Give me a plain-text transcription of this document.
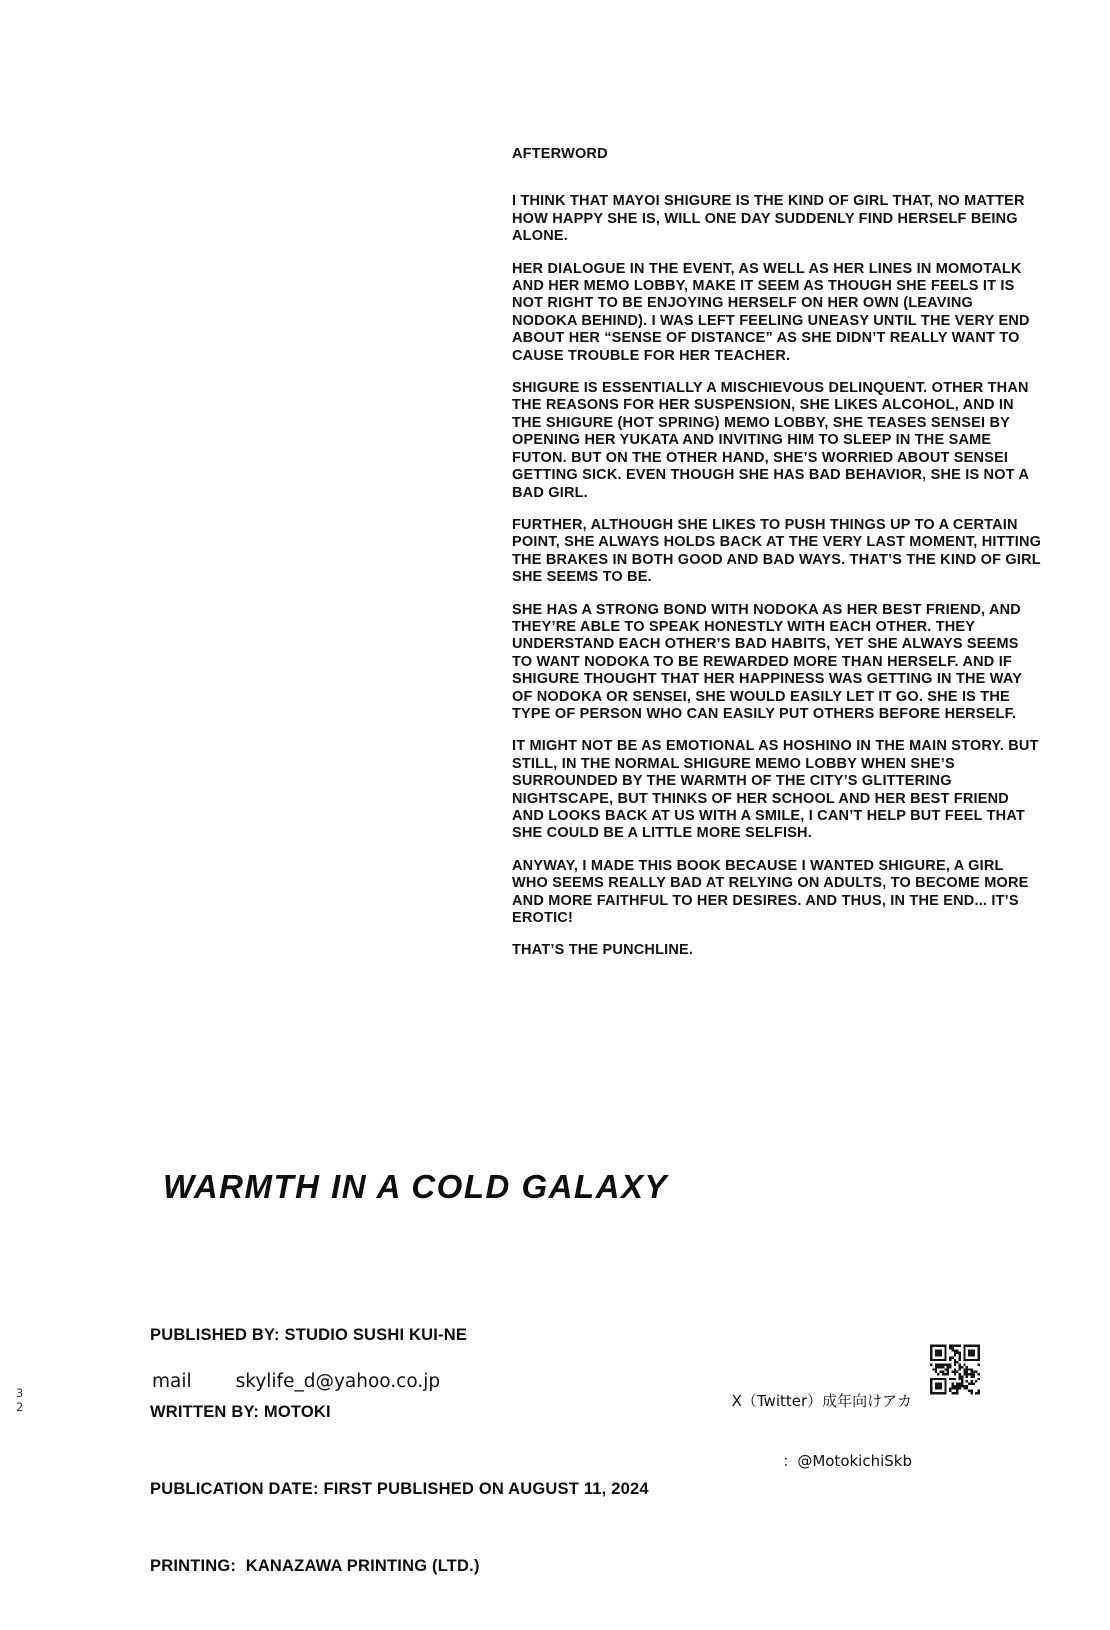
AFTERWORD

I THINK THAT MAYOI SHIGURE IS THE KIND OF GIRL THAT, NO MATTER HOW HAPPY SHE IS, WILL ONE DAY SUDDENLY FIND HERSELF BEING ALONE.

HER DIALOGUE IN THE EVENT, AS WELL AS HER LINES IN MOMOTALK AND HER MEMO LOBBY, MAKE IT SEEM AS THOUGH SHE FEELS IT IS NOT RIGHT TO BE ENJOYING HERSELF ON HER OWN (LEAVING NODOKA BEHIND). I WAS LEFT FEELING UNEASY UNTIL THE VERY END ABOUT HER “SENSE OF DISTANCE” AS SHE DIDN’T REALLY WANT TO CAUSE TROUBLE FOR HER TEACHER.

SHIGURE IS ESSENTIALLY A MISCHIEVOUS DELINQUENT. OTHER THAN THE REASONS FOR HER SUSPENSION, SHE LIKES ALCOHOL, AND IN THE SHIGURE (HOT SPRING) MEMO LOBBY, SHE TEASES SENSEI BY OPENING HER YUKATA AND INVITING HIM TO SLEEP IN THE SAME FUTON. BUT ON THE OTHER HAND, SHE’S WORRIED ABOUT SENSEI GETTING SICK. EVEN THOUGH SHE HAS BAD BEHAVIOR, SHE IS NOT A BAD GIRL.

FURTHER, ALTHOUGH SHE LIKES TO PUSH THINGS UP TO A CERTAIN POINT, SHE ALWAYS HOLDS BACK AT THE VERY LAST MOMENT, HITTING THE BRAKES IN BOTH GOOD AND BAD WAYS. THAT’S THE KIND OF GIRL SHE SEEMS TO BE.

SHE HAS A STRONG BOND WITH NODOKA AS HER BEST FRIEND, AND THEY’RE ABLE TO SPEAK HONESTLY WITH EACH OTHER. THEY UNDERSTAND EACH OTHER’S BAD HABITS, YET SHE ALWAYS SEEMS TO WANT NODOKA TO BE REWARDED MORE THAN HERSELF. AND IF SHIGURE THOUGHT THAT HER HAPPINESS WAS GETTING IN THE WAY OF NODOKA OR SENSEI, SHE WOULD EASILY LET IT GO. SHE IS THE TYPE OF PERSON WHO CAN EASILY PUT OTHERS BEFORE HERSELF.

IT MIGHT NOT BE AS EMOTIONAL AS HOSHINO IN THE MAIN STORY. BUT STILL, IN THE NORMAL SHIGURE MEMO LOBBY WHEN SHE’S SURROUNDED BY THE WARMTH OF THE CITY’S GLITTERING NIGHTSCAPE, BUT THINKS OF HER SCHOOL AND HER BEST FRIEND AND LOOKS BACK AT US WITH A SMILE, I CAN’T HELP BUT FEEL THAT SHE COULD BE A LITTLE MORE SELFISH.

ANYWAY, I MADE THIS BOOK BECAUSE I WANTED SHIGURE, A GIRL WHO SEEMS REALLY BAD AT RELYING ON ADULTS, TO BECOME MORE AND MORE FAITHFUL TO HER DESIRES. AND THUS, IN THE END... IT’S EROTIC!

THAT’S THE PUNCHLINE.

WARMTH IN A COLD GALAXY

PUBLISHED BY: STUDIO SUSHI KUI-NE

WRITTEN BY: MOTOKI

PUBLICATION DATE: FIRST PUBLISHED ON AUGUST 11, 2024

PRINTING:  KANAZAWA PRINTING (LTD.)

mail skylife_d@yahoo.co.jp

X（Twitter）成年向けアカ

：@MotokichiSkb

3
2
